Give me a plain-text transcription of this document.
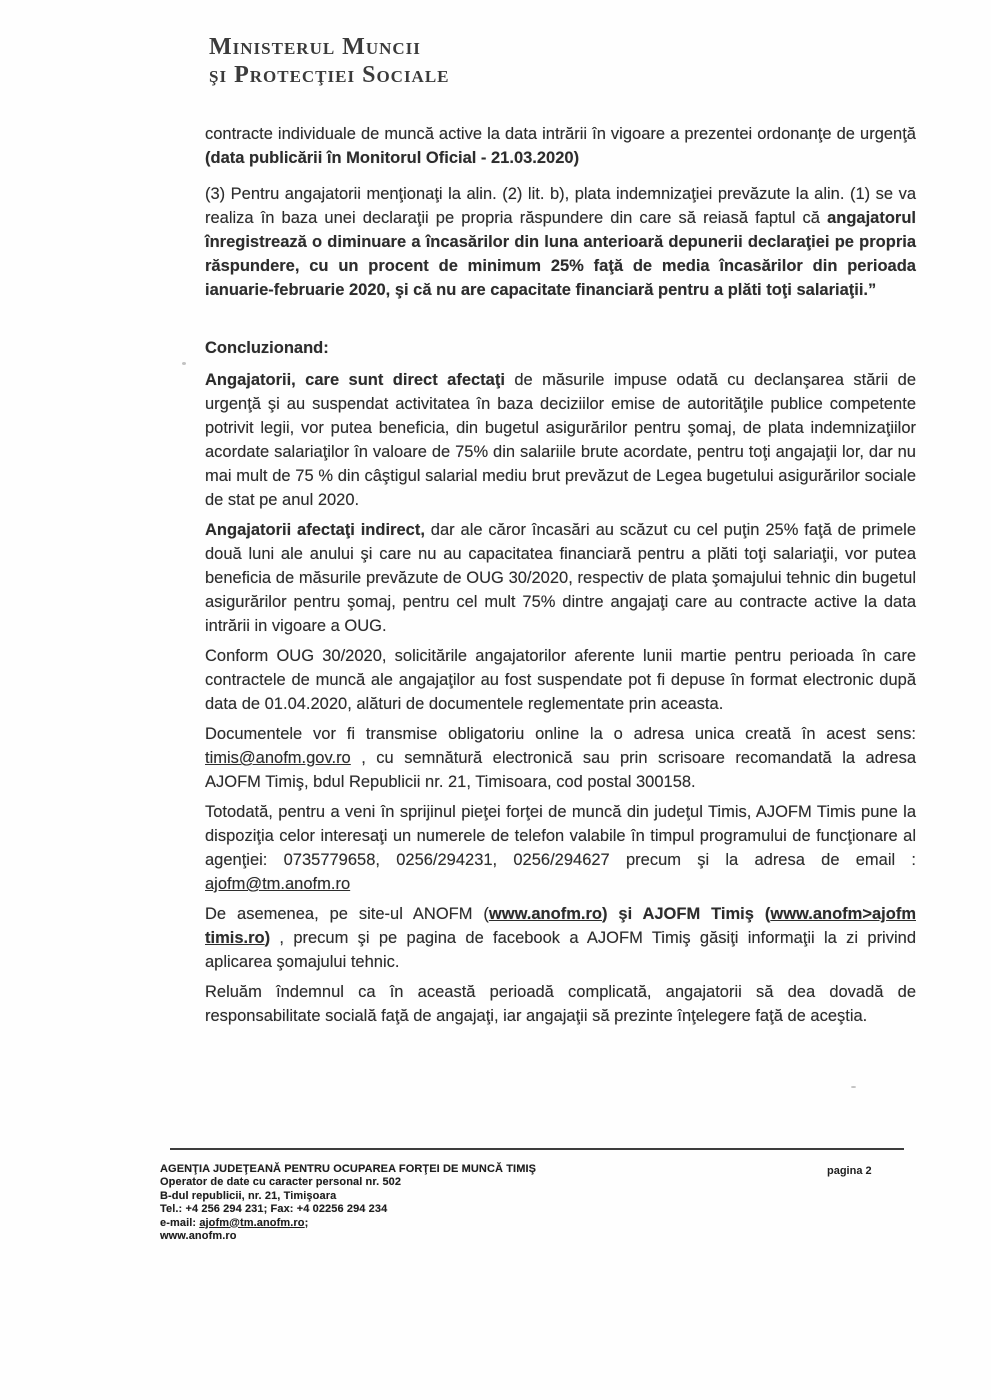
Ministerul Muncii
şi Protecţiei Sociale

contracte individuale de muncă active la data intrării în vigoare a prezentei ordonanţe de urgenţă (data publicării în Monitorul Oficial - 21.03.2020)

(3) Pentru angajatorii menţionaţi la alin. (2) lit. b), plata indemnizaţiei prevăzute la alin. (1) se va realiza în baza unei declaraţii pe propria răspundere din care să reiasă faptul că angajatorul înregistrează o diminuare a încasărilor din luna anterioară depunerii declaraţiei pe propria răspundere, cu un procent de minimum 25% faţă de media încasărilor din perioada ianuarie-februarie 2020, şi că nu are capacitate financiară pentru a plăti toţi salariaţii.”

Concluzionand:

Angajatorii, care sunt direct afectaţi de măsurile impuse odată cu declanşarea stării de urgenţă şi au suspendat activitatea în baza deciziilor emise de autorităţile publice competente potrivit legii, vor putea beneficia, din bugetul asigurărilor pentru şomaj, de plata indemnizaţiilor acordate salariaţilor în valoare de 75% din salariile brute acordate, pentru toţi angajaţii lor, dar nu mai mult de 75 % din câştigul salarial mediu brut prevăzut de Legea bugetului asigurărilor sociale de stat pe anul 2020.

Angajatorii afectaţi indirect, dar ale căror încasări au scăzut cu cel puţin 25% faţă de primele două luni ale anului şi care nu au capacitatea financiară pentru a plăti toţi salariaţii, vor putea beneficia de măsurile prevăzute de OUG 30/2020, respectiv de plata şomajului tehnic din bugetul asigurărilor pentru şomaj, pentru cel mult 75% dintre angajaţi care au contracte active la data intrării in vigoare a OUG.

Conform OUG 30/2020, solicitările angajatorilor aferente lunii martie pentru perioada în care contractele de muncă ale angajaţilor au fost suspendate pot fi depuse în format electronic după data de 01.04.2020, alături de documentele reglementate prin aceasta.

Documentele vor fi transmise obligatoriu online la o adresa unica creată în acest sens: timis@anofm.gov.ro , cu semnătură electronică sau prin scrisoare recomandată la adresa AJOFM Timiş, bdul Republicii nr. 21, Timisoara, cod postal 300158.

Totodată, pentru a veni în sprijinul pieţei forţei de muncă din judeţul Timis, AJOFM Timis pune la dispoziţia celor interesaţi un numerele de telefon valabile în timpul programului de funcţionare al agenţiei: 0735779658, 0256/294231, 0256/294627 precum şi la adresa de email : ajofm@tm.anofm.ro

De asemenea, pe site-ul ANOFM (www.anofm.ro) şi AJOFM Timiş (www.anofm>ajofm timis.ro) , precum şi pe pagina de facebook a AJOFM Timiş găsiţi informaţii la zi privind aplicarea şomajului tehnic.

Reluăm îndemnul ca în această perioadă complicată, angajatorii să dea dovadă de responsabilitate socială faţă de angajaţi, iar angajaţii să prezinte înţelegere faţă de aceştia.

AGENŢIA JUDEŢEANĂ PENTRU OCUPAREA FORŢEI DE MUNCĂ TIMIŞ
Operator de date cu caracter personal nr. 502
B-dul republicii, nr. 21, Timişoara
Tel.: +4 256 294 231; Fax: +4 02256 294 234
e-mail: ajofm@tm.anofm.ro;
www.anofm.ro
pagina 2
